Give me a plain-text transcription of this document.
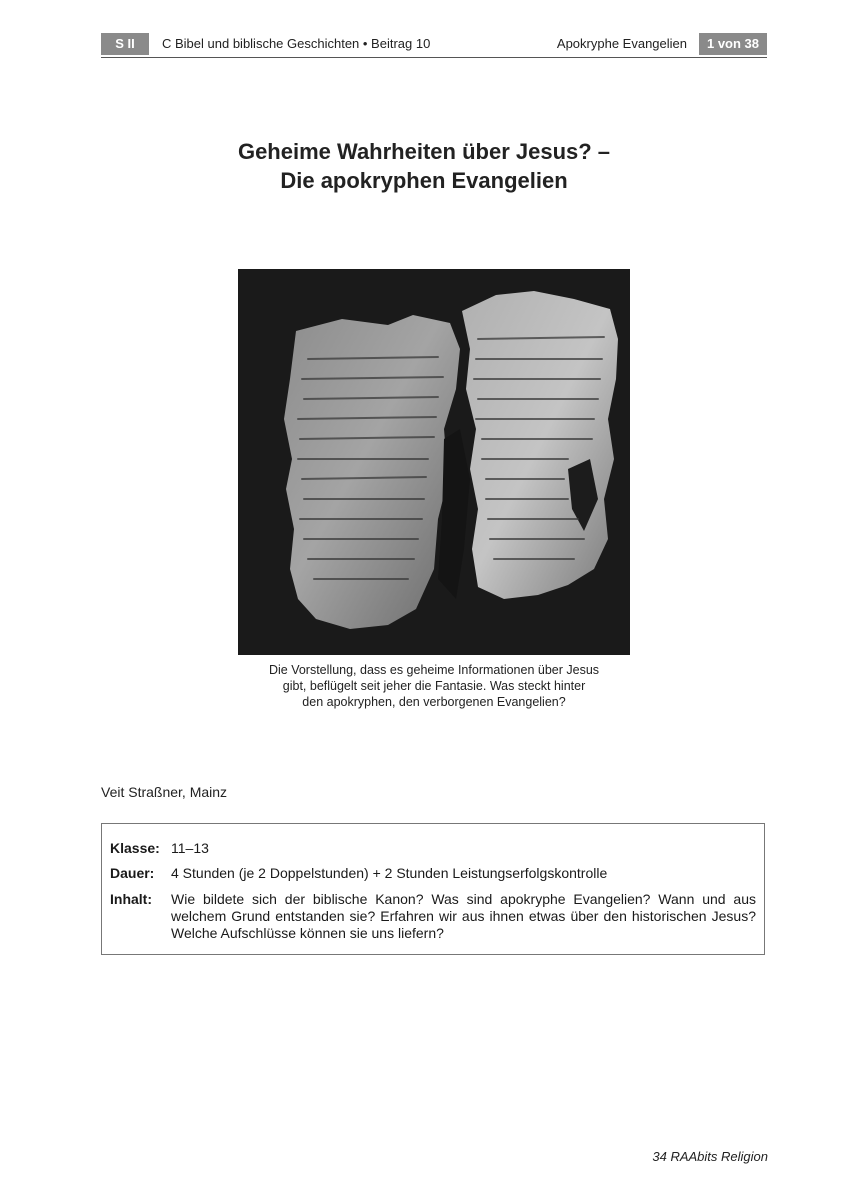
S II	C Bibel und biblische Geschichten • Beitrag 10	Apokryphe Evangelien	1 von 38
Geheime Wahrheiten über Jesus? –
Die apokryphen Evangelien
Die Vorstellung, dass es geheime Informationen über Jesus
gibt, beflügelt seit jeher die Fantasie. Was steckt hinter
den apokryphen, den verborgenen Evangelien?
Veit Straßner, Mainz
Klasse: 11–13
Dauer: 4 Stunden (je 2 Doppelstunden) + 2 Stunden Leistungserfolgskontrolle
Inhalt: Wie bildete sich der biblische Kanon? Was sind apokryphe Evangelien? Wann und aus welchem Grund entstanden sie? Erfahren wir aus ihnen etwas über den historischen Jesus? Welche Aufschlüsse können sie uns liefern?
34 RAAbits Religion
